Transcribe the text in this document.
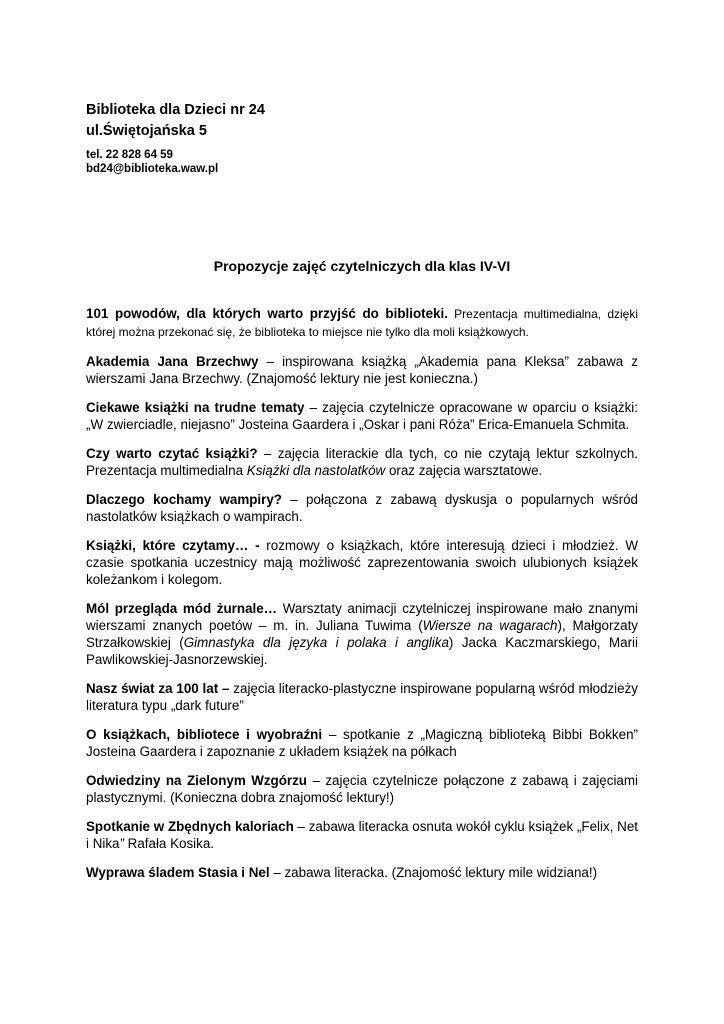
Biblioteka dla Dzieci nr 24
ul.Świętojańska 5
tel. 22 828 64 59
bd24@biblioteka.waw.pl
Propozycje zajęć czytelniczych dla klas IV-VI

101 powodów, dla których warto przyjść do biblioteki. Prezentacja multimedialna, dzięki której można przekonać się, że biblioteka to miejsce nie tylko dla moli książkowych.

Akademia Jana Brzechwy – inspirowana książką „Akademia pana Kleksa” zabawa z wierszami Jana Brzechwy. (Znajomość lektury nie jest konieczna.)

Ciekawe książki na trudne tematy – zajęcia czytelnicze opracowane w oparciu o książki: „W zwierciadle, niejasno” Josteina Gaardera i „Oskar i pani Róża” Erica-Emanuela Schmita.

Czy warto czytać książki? – zajęcia literackie dla tych, co nie czytają lektur szkolnych. Prezentacja multimedialna Książki dla nastolatków oraz zajęcia warsztatowe.

Dlaczego kochamy wampiry? – połączona z zabawą dyskusja o popularnych wśród nastolatków książkach o wampirach.

Książki, które czytamy… - rozmowy o książkach, które interesują dzieci i młodzież. W czasie spotkania uczestnicy mają możliwość zaprezentowania swoich ulubionych książek koleżankom i kolegom.

Mól przegląda mód żurnale… Warsztaty animacji czytelniczej inspirowane mało znanymi wierszami znanych poetów – m. in. Juliana Tuwima (Wiersze na wagarach), Małgorzaty Strzałkowskiej (Gimnastyka dla języka i polaka i anglika) Jacka Kaczmarskiego, Marii Pawlikowskiej-Jasnorzewskiej.

Nasz świat za 100 lat – zajęcia literacko-plastyczne inspirowane popularną wśród młodzieży literatura typu „dark future”

O książkach, bibliotece i wyobraźni – spotkanie z „Magiczną biblioteką Bibbi Bokken” Josteina Gaardera i zapoznanie z układem książek na półkach

Odwiedziny na Zielonym Wzgórzu – zajęcia czytelnicze połączone z zabawą i zajęciami plastycznymi. (Konieczna dobra znajomość lektury!)

Spotkanie w Zbędnych kaloriach – zabawa literacka osnuta wokół cyklu książek „Felix, Net i Nika” Rafała Kosika.

Wyprawa śladem Stasia i Nel – zabawa literacka. (Znajomość lektury mile widziana!)
